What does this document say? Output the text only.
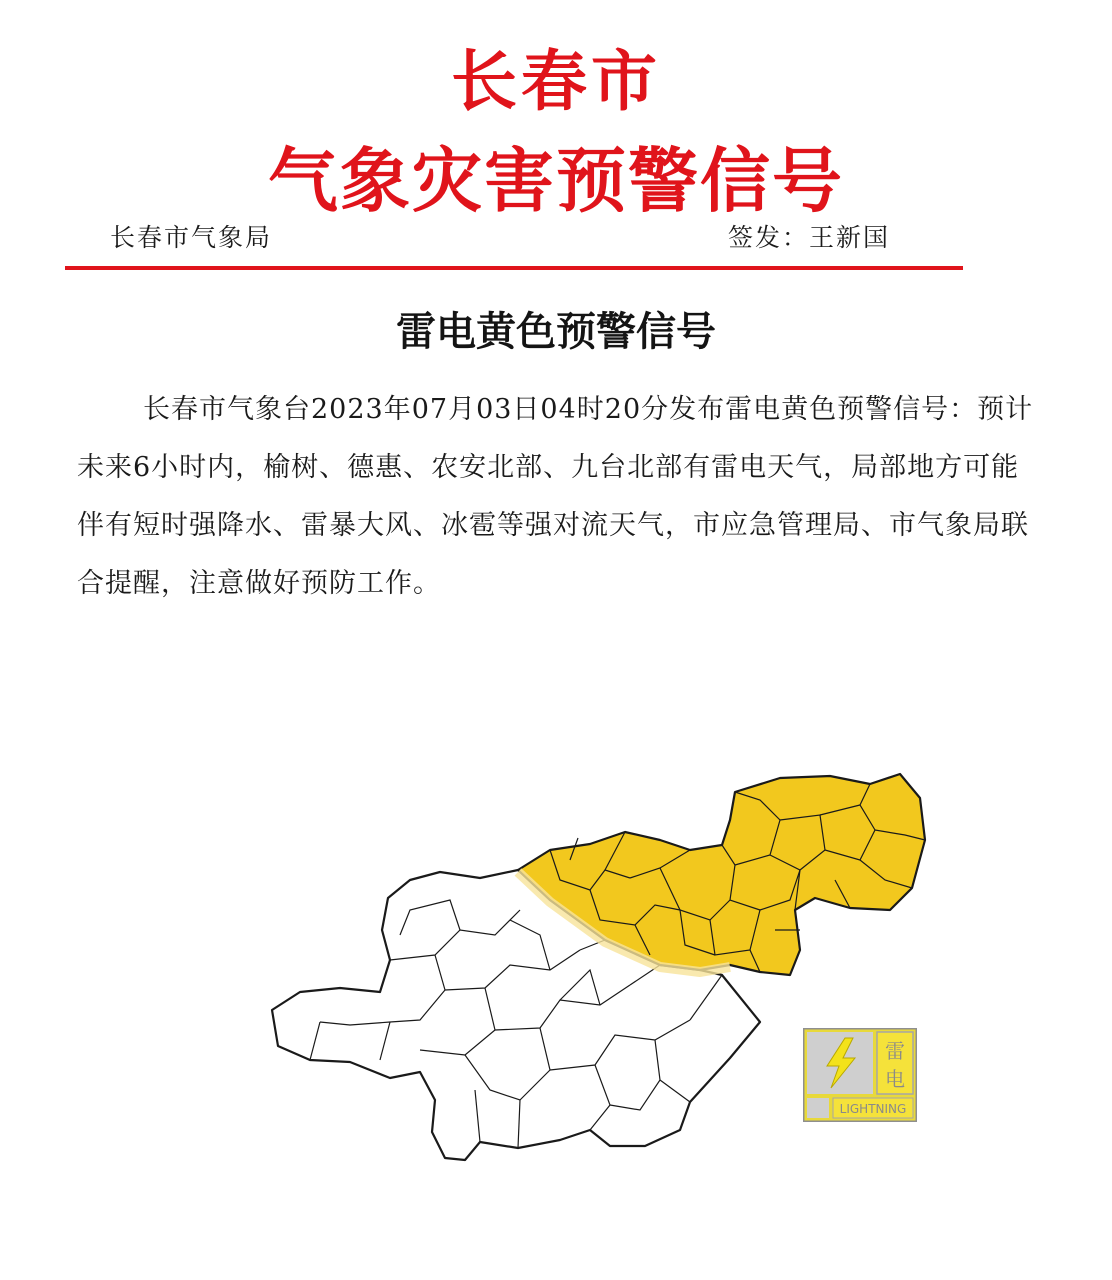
长春市
气象灾害预警信号
长春市气象局	签发：王新国
雷电黄色预警信号

长春市气象台2023年07月03日04时20分发布雷电黄色预警信号：预计未来6小时内，榆树、德惠、农安北部、九台北部有雷电天气，局部地方可能伴有短时强降水、雷暴大风、冰雹等强对流天气，市应急管理局、市气象局联合提醒，注意做好预防工作。

雷
电
LIGHTNING
